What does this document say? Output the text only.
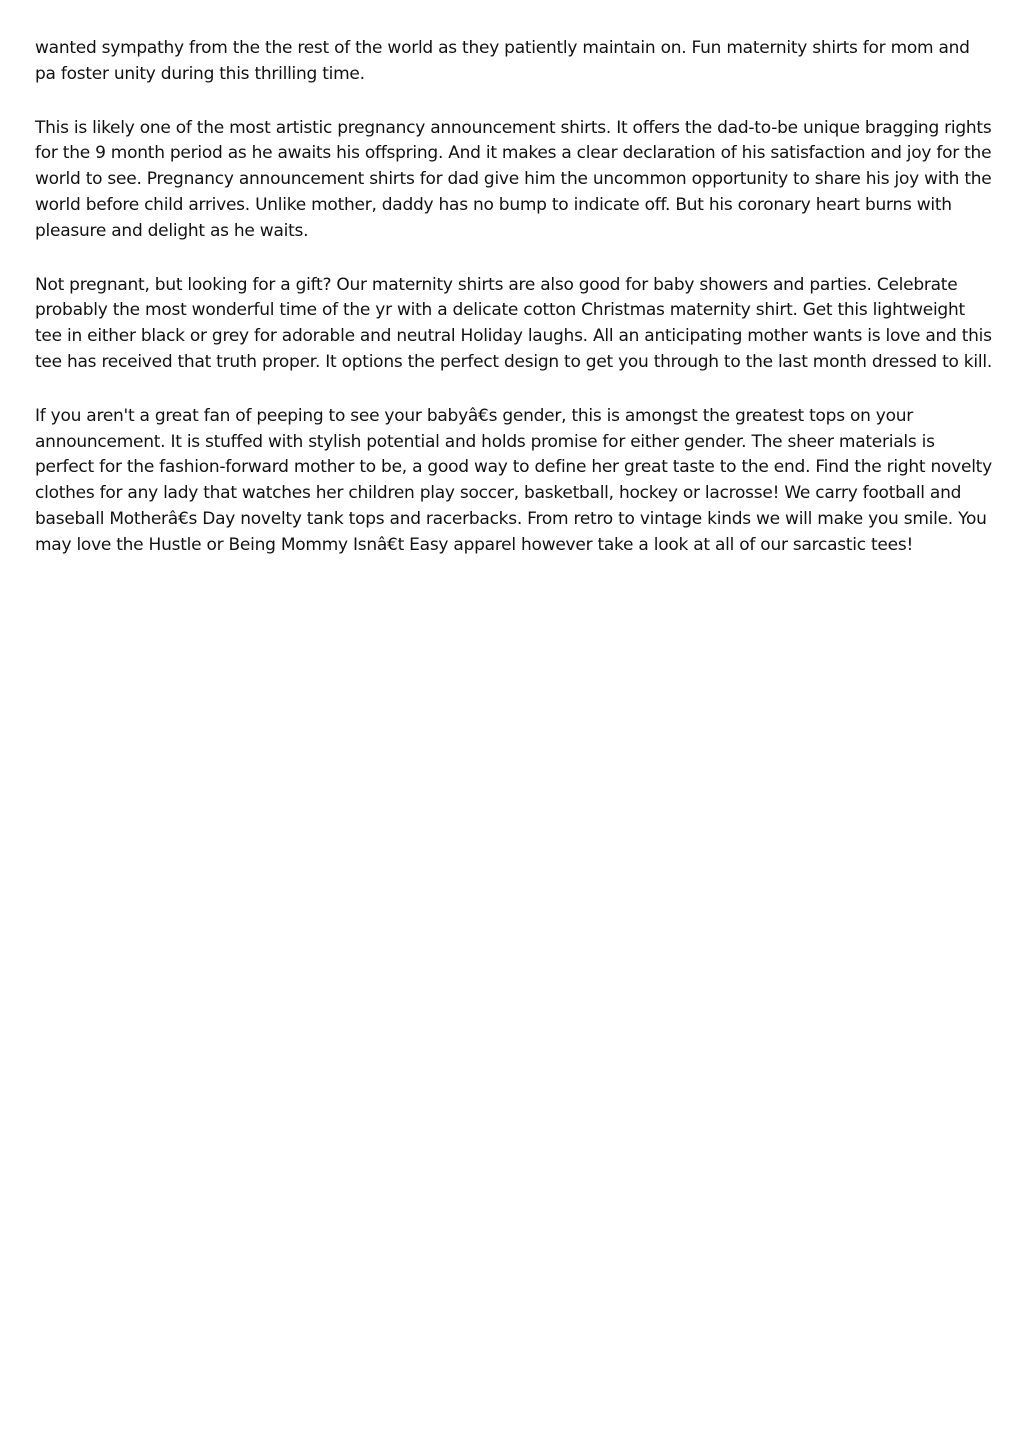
wanted sympathy from the the rest of the world as they patiently maintain on. Fun maternity shirts for mom and pa foster unity during this thrilling time.

This is likely one of the most artistic pregnancy announcement shirts. It offers the dad-to-be unique bragging rights for the 9 month period as he awaits his offspring. And it makes a clear declaration of his satisfaction and joy for the world to see. Pregnancy announcement shirts for dad give him the uncommon opportunity to share his joy with the world before child arrives. Unlike mother, daddy has no bump to indicate off. But his coronary heart burns with pleasure and delight as he waits.

Not pregnant, but looking for a gift? Our maternity shirts are also good for baby showers and parties. Celebrate probably the most wonderful time of the yr with a delicate cotton Christmas maternity shirt. Get this lightweight tee in either black or grey for adorable and neutral Holiday laughs. All an anticipating mother wants is love and this tee has received that truth proper. It options the perfect design to get you through to the last month dressed to kill.

If you aren't a great fan of peeping to see your babyâ€s gender, this is amongst the greatest tops on your announcement. It is stuffed with stylish potential and holds promise for either gender. The sheer materials is perfect for the fashion-forward mother to be, a good way to define her great taste to the end. Find the right novelty clothes for any lady that watches her children play soccer, basketball, hockey or lacrosse! We carry football and baseball Motherâ€s Day novelty tank tops and racerbacks. From retro to vintage kinds we will make you smile. You may love the Hustle or Being Mommy Isnâ€t Easy apparel however take a look at all of our sarcastic tees!
